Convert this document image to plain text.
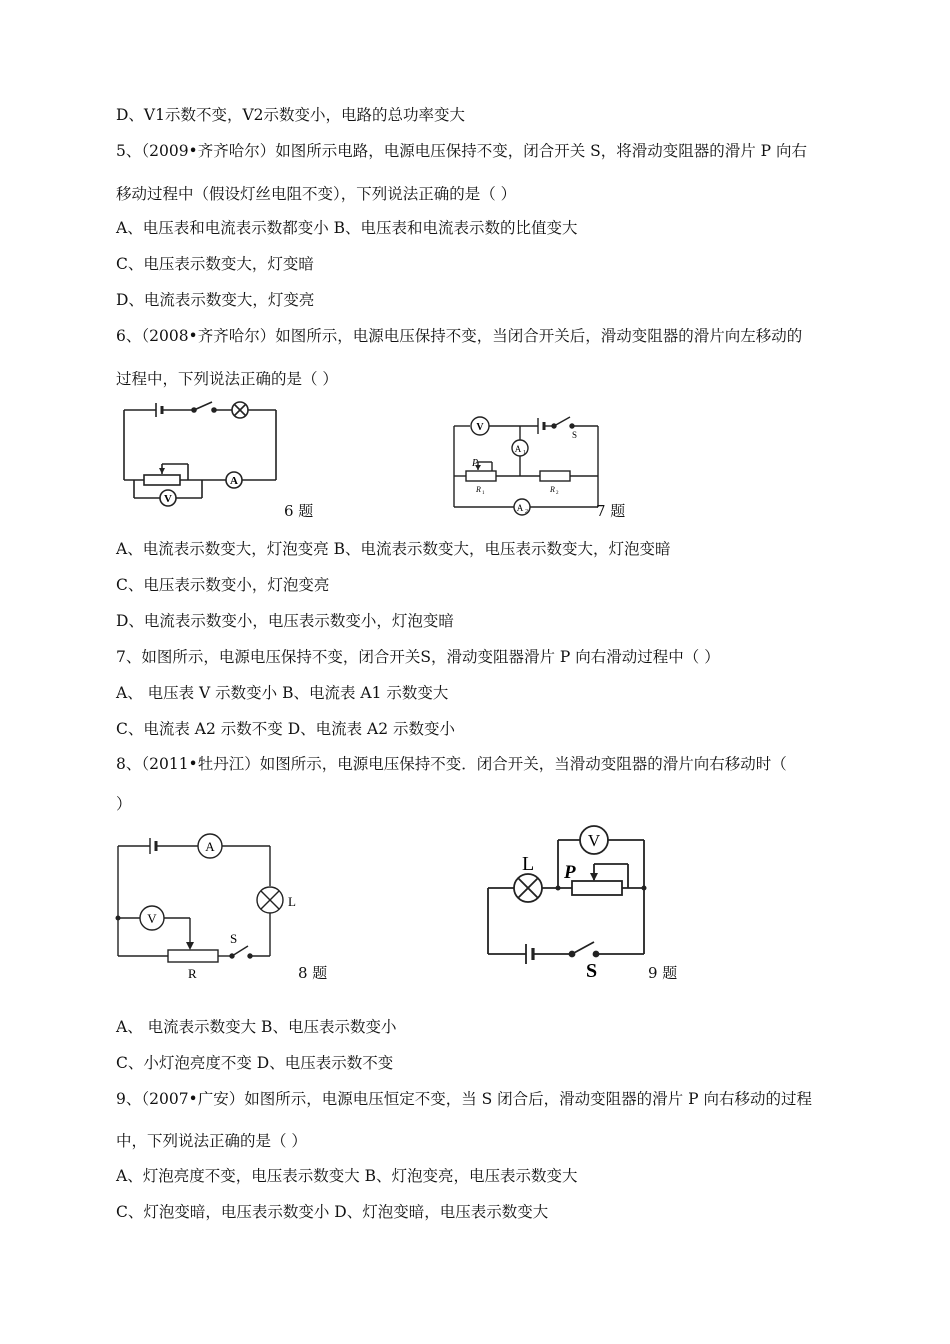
D、V1示数不变，V2示数变小，电路的总功率变大
5、（2009•齐齐哈尔）如图所示电路，电源电压保持不变，闭合开关 S，将滑动变阻器的滑片 P 向右
移动过程中（假设灯丝电阻不变），下列说法正确的是（ ）
A、电压表和电流表示数都变小 B、电压表和电流表示数的比值变大
C、电压表示数变大，灯变暗
D、电流表示数变大，灯变亮
6、（2008•齐齐哈尔）如图所示，电源电压保持不变，当闭合开关后，滑动变阻器的滑片向左移动的
过程中，下列说法正确的是（ ）
V
A
6 题
V
A 1
A 2
S
P
R 1	R 2
7 题
A、电流表示数变大，灯泡变亮 B、电流表示数变大，电压表示数变大，灯泡变暗
C、电压表示数变小，灯泡变亮
D、电流表示数变小，电压表示数变小，灯泡变暗
7、如图所示，电源电压保持不变，闭合开关S，滑动变阻器滑片 P 向右滑动过程中（ ）
A、 电压表 V 示数变小 B、电流表 A1 示数变大
C、电流表 A2 示数不变 D、电流表 A2 示数变小
8、（2011•牡丹江）如图所示，电源电压保持不变．闭合开关，当滑动变阻器的滑片向右移动时（
）
A
V
L
S
R	8 题
V
L P
S	9 题
A、 电流表示数变大 B、电压表示数变小
C、小灯泡亮度不变 D、电压表示数不变
9、（2007•广安）如图所示，电源电压恒定不变，当 S 闭合后，滑动变阻器的滑片 P 向右移动的过程
中，下列说法正确的是（ ）
A、灯泡亮度不变，电压表示数变大 B、灯泡变亮，电压表示数变大
C、灯泡变暗，电压表示数变小 D、灯泡变暗，电压表示数变大
